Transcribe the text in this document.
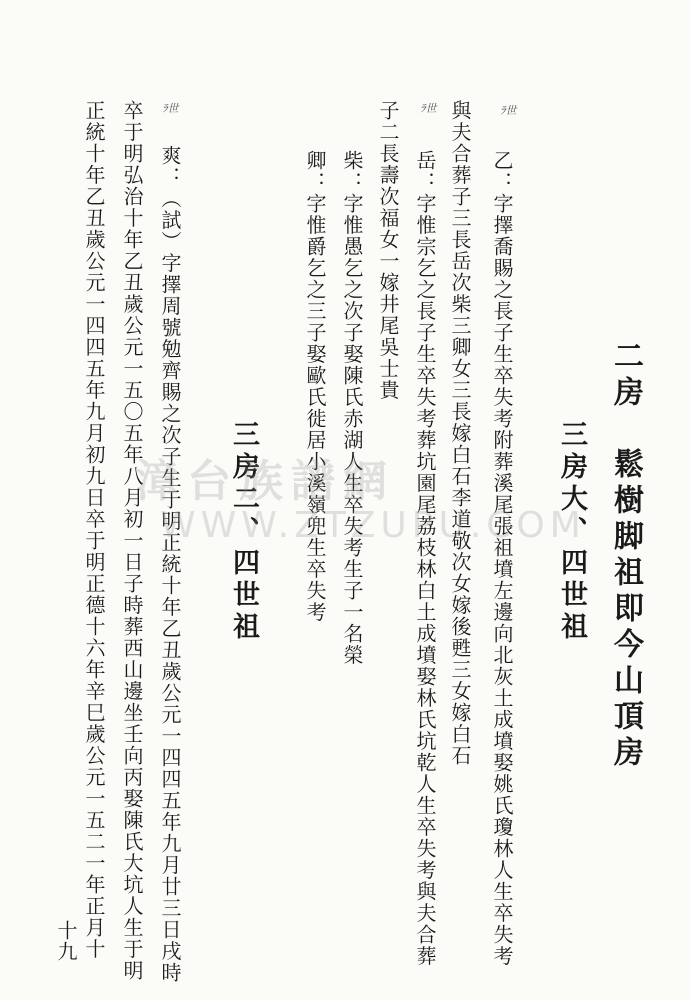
二房　鬆樹脚祖即今山頂房
三房大、四世祖
乙：字擇喬賜之長子生卒失考附葬溪尾張祖墳左邊向北灰土成墳娶姚氏瓊林人生卒失考
與夫合葬子三長岳次柴三卿女三長嫁白石李道敬次女嫁後甦三女嫁白石
岳：字惟宗乞之長子生卒失考葬坑園尾荔枝林白土成墳娶林氏坑乾人生卒失考與夫合葬
子二長壽次福女一嫁井尾吳士貴
柴：字惟愚乞之次子娶陳氏赤湖人生卒失考生子一名榮
卿：字惟爵乞之三子娶歐氏徙居小溪嶺兜生卒失考
三房二、四世祖
爽：（試）字擇周號勉齊賜之次子生于明正統十年乙丑歲公元一四四五年九月廿三日戌時
卒于明弘治十年乙丑歲公元一五〇五年八月初一日子時葬西山邊坐壬向丙娶陳氏大坑人生于明
正統十年乙丑歲公元一四四五年九月初九日卒于明正德十六年辛巳歲公元一五二一年正月十	ﾗ世
ﾗ世
ﾗ世
漳台族譜網
WWW.ZTZUPU.COM
十九
